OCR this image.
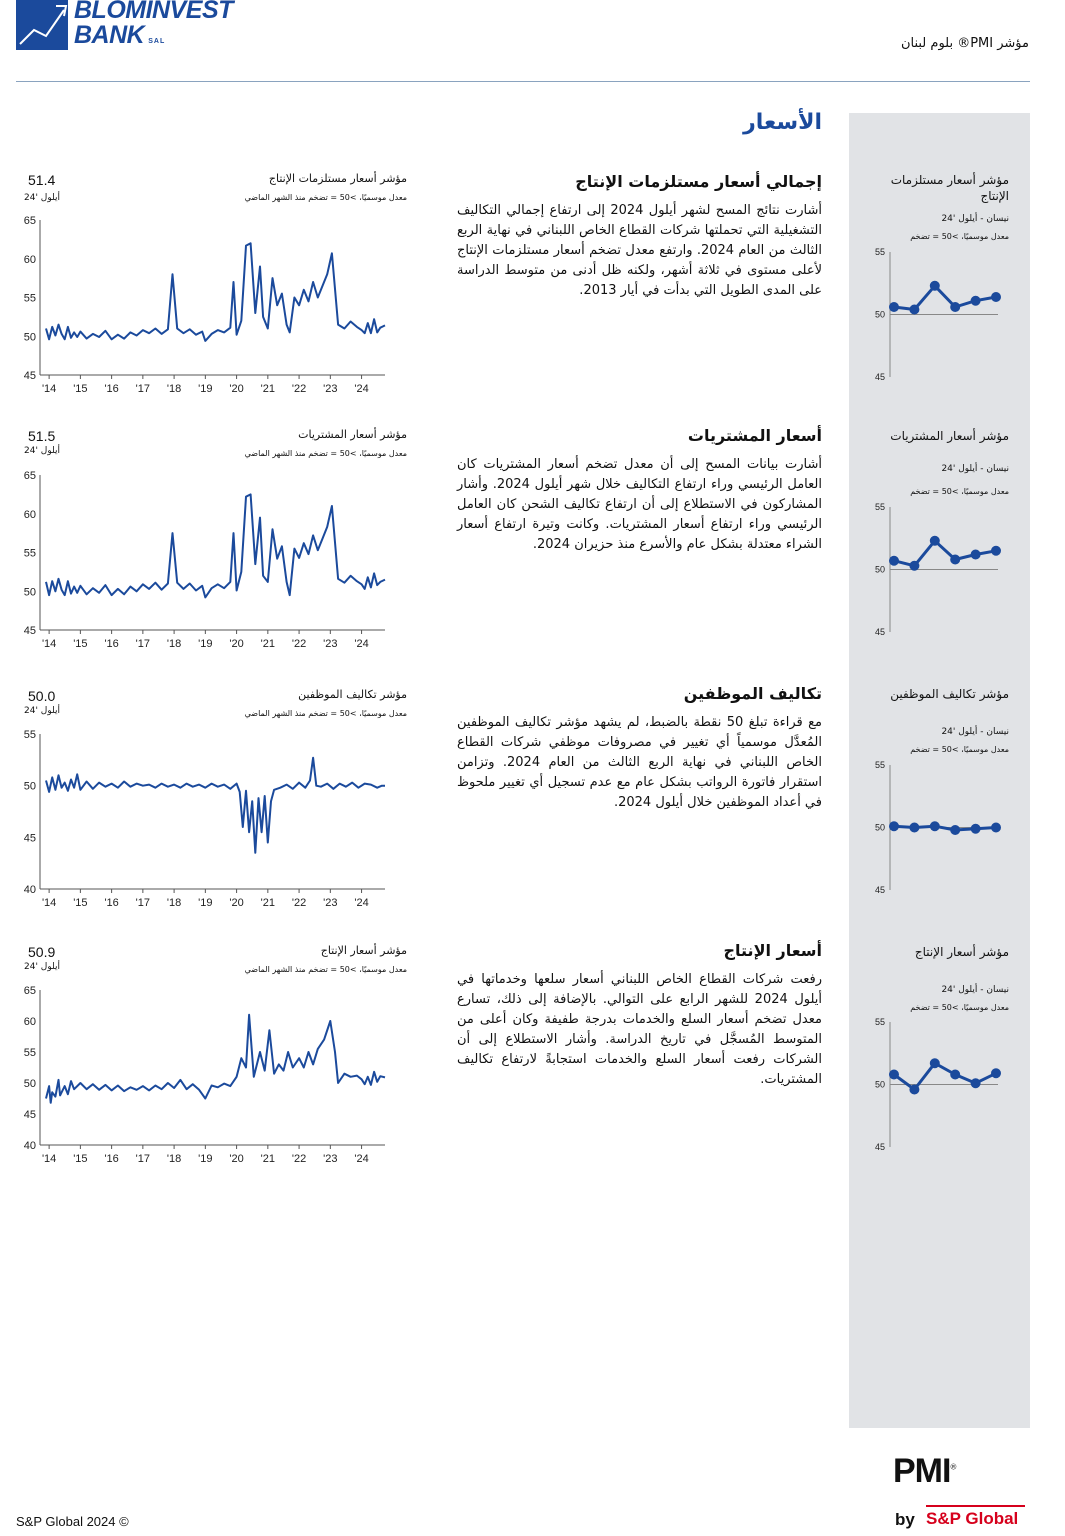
BLOMINVEST
BANK SAL	مؤشر PMI® بلوم لبنان
الأسعار
إجمالي أسعار مستلزمات الإنتاج
أشارت نتائج المسح لشهر أيلول 2024 إلى ارتفاع إجمالي التكاليف التشغيلية التي تحملتها شركات القطاع الخاص اللبناني في نهاية الربع الثالث من العام 2024. وارتفع معدل تضخم أسعار مستلزمات الإنتاج لأعلى مستوى في ثلاثة أشهر، ولكنه ظل أدنى من متوسط الدراسة على المدى الطويل التي بدأت في أيار 2013.
أسعار المشتريات
أشارت بيانات المسح إلى أن معدل تضخم أسعار المشتريات كان العامل الرئيسي وراء ارتفاع التكاليف خلال شهر أيلول 2024. وأشار المشاركون في الاستطلاع إلى أن ارتفاع تكاليف الشحن كان العامل الرئيسي وراء ارتفاع أسعار المشتريات. وكانت وتيرة ارتفاع أسعار الشراء معتدلة بشكل عام والأسرع منذ حزيران 2024.
تكاليف الموظفين
مع قراءة تبلغ 50 نقطة بالضبط، لم يشهد مؤشر تكاليف الموظفين المُعدَّل موسمياً أي تغيير في مصروفات موظفي شركات القطاع الخاص اللبناني في نهاية الربع الثالث من العام 2024. وتزامن استقرار فاتورة الرواتب بشكل عام مع عدم تسجيل أي تغيير ملحوظ في أعداد الموظفين خلال أيلول 2024.
أسعار الإنتاج
رفعت شركات القطاع الخاص اللبناني أسعار سلعها وخدماتها في أيلول 2024 للشهر الرابع على التوالي. بالإضافة إلى ذلك، تسارع معدل تضخم أسعار السلع والخدمات بدرجة طفيفة وكان أعلى من المتوسط المُسجَّل في تاريخ الدراسة. وأشار الاستطلاع إلى أن الشركات رفعت أسعار السلع والخدمات استجابةً لارتفاع تكاليف المشتريات.
مؤشر أسعار مستلزمات الإنتاج
معدل موسميًا، >50 = تضخم منذ الشهر الماضي
51.4
أيلول '24
مؤشر أسعار المشتريات
معدل موسميًا، >50 = تضخم منذ الشهر الماضي
51.5
أيلول '24
مؤشر تكاليف الموظفين
معدل موسميًا، >50 = تضخم منذ الشهر الماضي
50.0
أيلول '24
مؤشر أسعار الإنتاج
معدل موسميًا، >50 = تضخم منذ الشهر الماضي
50.9
أيلول '24
45
50
55
60
65
'14 '15 '16 '17 '18 '19 '20 '21 '22 '23 '24
45
50
55
60
65
'14 '15 '16 '17 '18 '19 '20 '21 '22 '23 '24
40
45
50
55
'14 '15 '16 '17 '18 '19 '20 '21 '22 '23 '24
40
45
50
55
60
65
'14 '15 '16 '17 '18 '19 '20 '21 '22 '23 '24
مؤشر أسعار مستلزمات الإنتاج
نيسان - أيلول '24
معدل موسميًا، >50 = تضخم
مؤشر أسعار المشتريات
نيسان - أيلول '24
معدل موسميًا، >50 = تضخم
مؤشر تكاليف الموظفين
نيسان - أيلول '24
معدل موسميًا، >50 = تضخم
مؤشر أسعار الإنتاج
نيسان - أيلول '24
معدل موسميًا، >50 = تضخم
45
50
55
45
50
55
45
50
55
45
50
55
S&P Global 2024 ©
PMI®
by S&P Global
